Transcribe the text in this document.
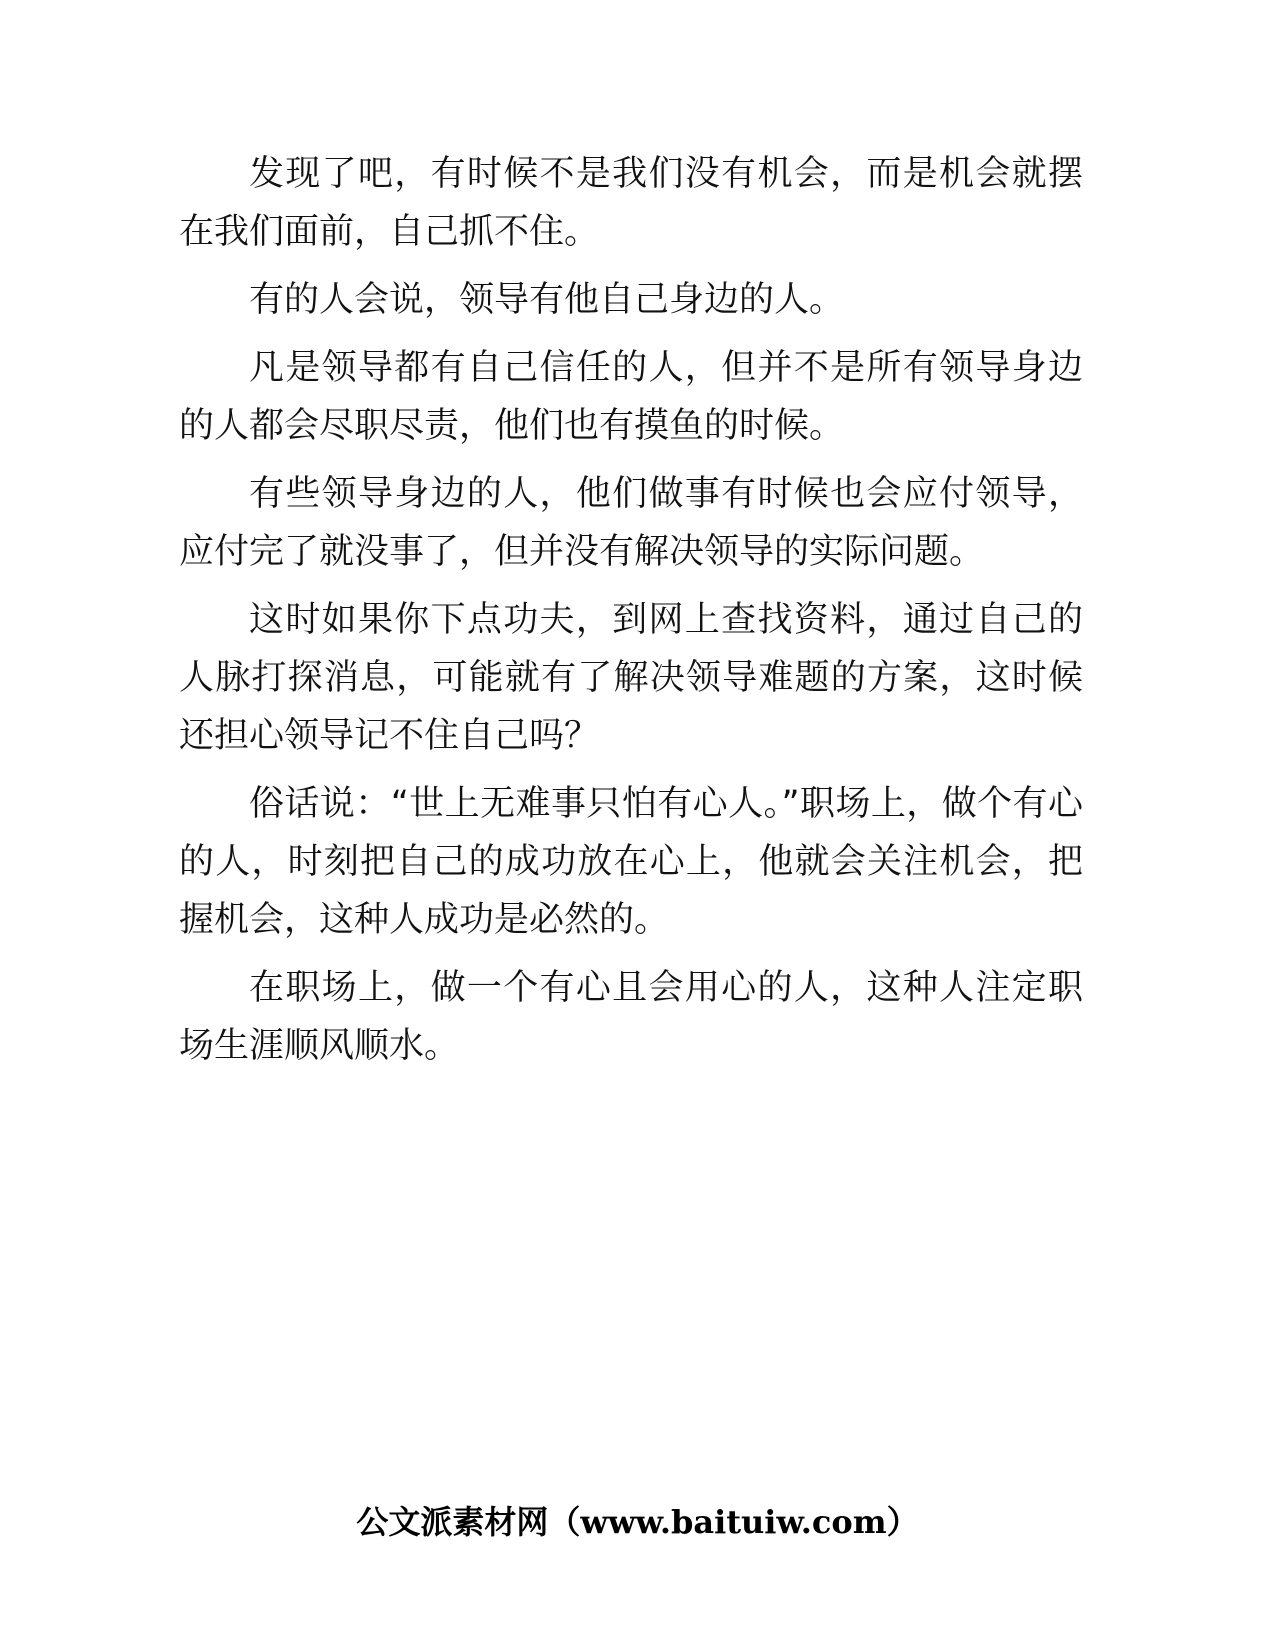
发现了吧，有时候不是我们没有机会，而是机会就摆在我们面前，自己抓不住。

有的人会说，领导有他自己身边的人。

凡是领导都有自己信任的人，但并不是所有领导身边的人都会尽职尽责，他们也有摸鱼的时候。

有些领导身边的人，他们做事有时候也会应付领导，应付完了就没事了，但并没有解决领导的实际问题。

这时如果你下点功夫，到网上查找资料，通过自己的人脉打探消息，可能就有了解决领导难题的方案，这时候还担心领导记不住自己吗？

俗话说：“世上无难事只怕有心人。”职场上，做个有心的人，时刻把自己的成功放在心上，他就会关注机会，把握机会，这种人成功是必然的。

在职场上，做一个有心且会用心的人，这种人注定职场生涯顺风顺水。

公文派素材网（www.baituiw.com）
